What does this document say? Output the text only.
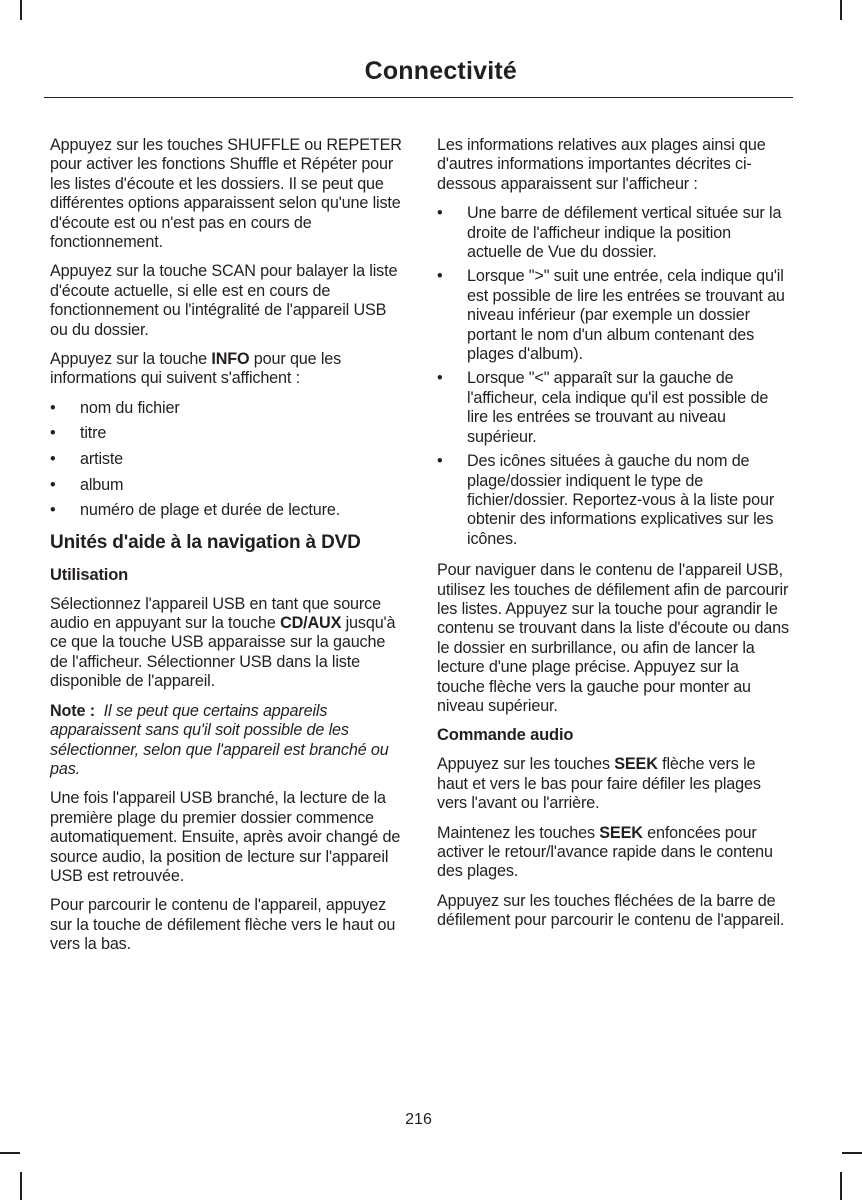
Connectivité

Appuyez sur les touches SHUFFLE ou REPETER pour activer les fonctions Shuffle et Répéter pour les listes d'écoute et les dossiers. Il se peut que différentes options apparaissent selon qu'une liste d'écoute est ou n'est pas en cours de fonctionnement.

Appuyez sur la touche SCAN pour balayer la liste d'écoute actuelle, si elle est en cours de fonctionnement ou l'intégralité de l'appareil USB ou du dossier.

Appuyez sur la touche INFO pour que les informations qui suivent s'affichent :

• nom du fichier
• titre
• artiste
• album
• numéro de plage et durée de lecture.
Unités d'aide à la navigation à DVD
Utilisation

Sélectionnez l'appareil USB en tant que source audio en appuyant sur la touche CD/AUX jusqu'à ce que la touche USB apparaisse sur la gauche de l'afficheur. Sélectionner USB dans la liste disponible de l'appareil.

Note : Il se peut que certains appareils apparaissent sans qu'il soit possible de les sélectionner, selon que l'appareil est branché ou pas.

Une fois l'appareil USB branché, la lecture de la première plage du premier dossier commence automatiquement. Ensuite, après avoir changé de source audio, la position de lecture sur l'appareil USB est retrouvée.

Pour parcourir le contenu de l'appareil, appuyez sur la touche de défilement flèche vers le haut ou vers la bas.

Les informations relatives aux plages ainsi que d'autres informations importantes décrites ci-dessous apparaissent sur l'afficheur :

• Une barre de défilement vertical située sur la droite de l'afficheur indique la position actuelle de Vue du dossier.
• Lorsque ">" suit une entrée, cela indique qu'il est possible de lire les entrées se trouvant au niveau inférieur (par exemple un dossier portant le nom d'un album contenant des plages d'album).
• Lorsque "<" apparaît sur la gauche de l'afficheur, cela indique qu'il est possible de lire les entrées se trouvant au niveau supérieur.
• Des icônes situées à gauche du nom de plage/dossier indiquent le type de fichier/dossier. Reportez-vous à la liste pour obtenir des informations explicatives sur les icônes.

Pour naviguer dans le contenu de l'appareil USB, utilisez les touches de défilement afin de parcourir les listes. Appuyez sur la touche pour agrandir le contenu se trouvant dans la liste d'écoute ou dans le dossier en surbrillance, ou afin de lancer la lecture d'une plage précise. Appuyez sur la touche flèche vers la gauche pour monter au niveau supérieur.

Commande audio

Appuyez sur les touches SEEK flèche vers le haut et vers le bas pour faire défiler les plages vers l'avant ou l'arrière.

Maintenez les touches SEEK enfoncées pour activer le retour/l'avance rapide dans le contenu des plages.

Appuyez sur les touches fléchées de la barre de défilement pour parcourir le contenu de l'appareil.

216
